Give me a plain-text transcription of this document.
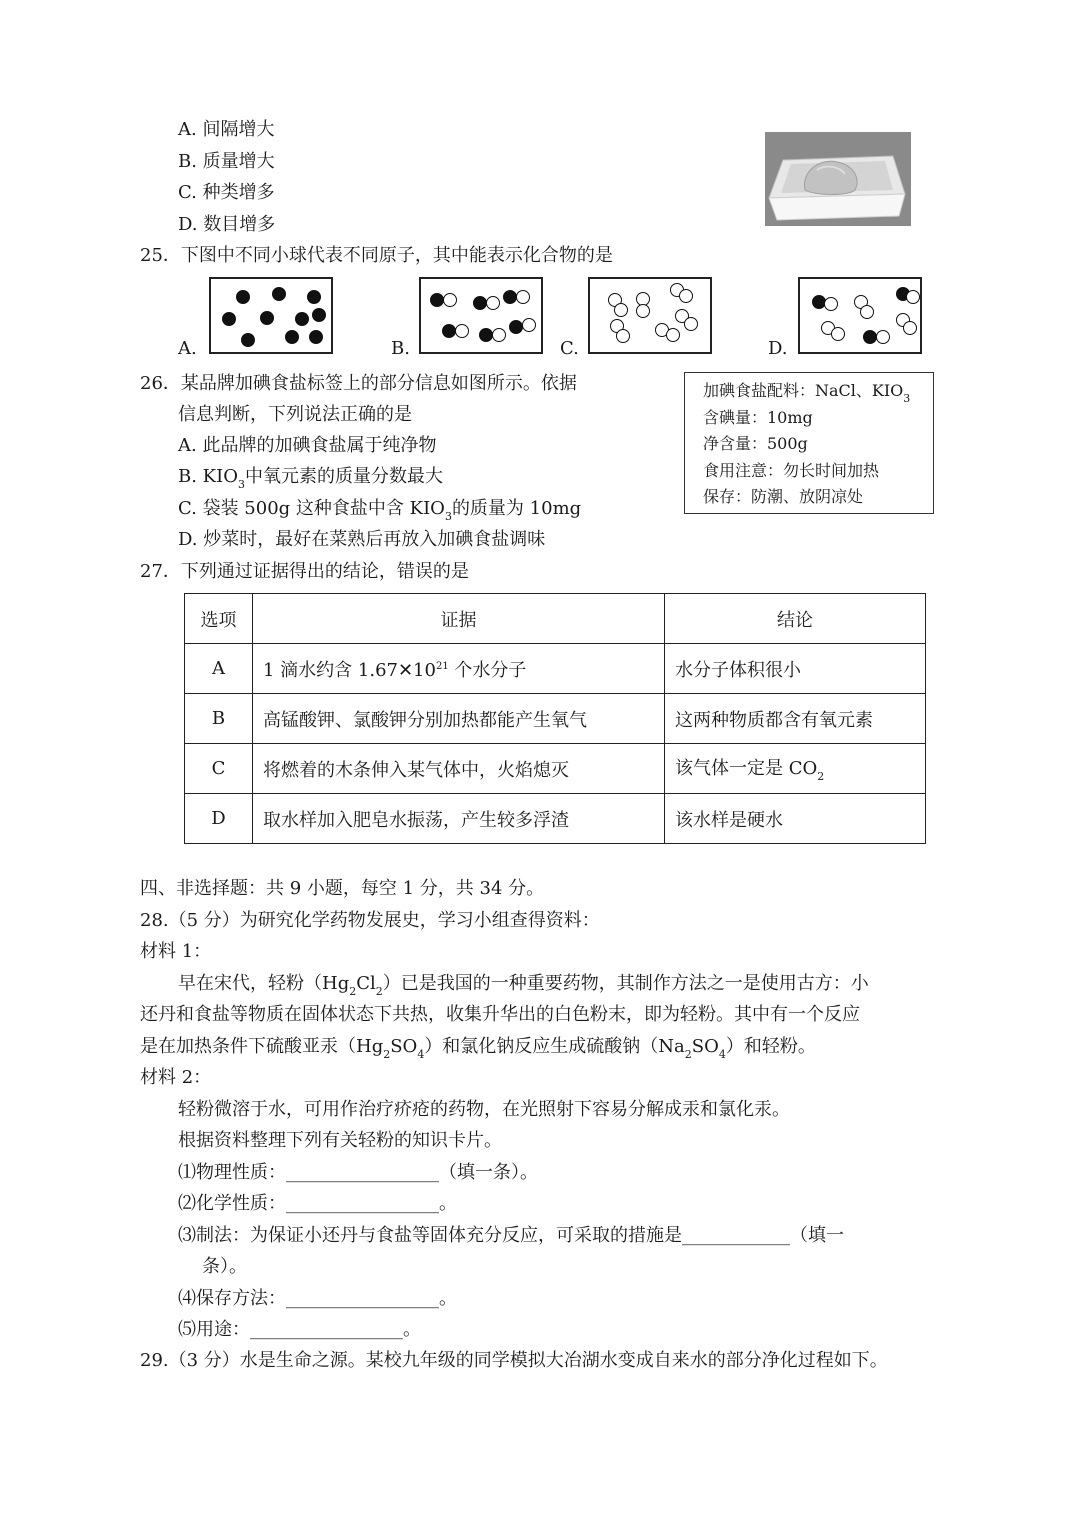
A. 间隔增大
B. 质量增大
C. 种类增多
D. 数目增多
25．下图中不同小球代表不同原子，其中能表示化合物的是
A.	B.	C.	D.
26．某品牌加碘食盐标签上的部分信息如图所示。依据
信息判断，下列说法正确的是
A. 此品牌的加碘食盐属于纯净物
B. $KIO_3$中氧元素的质量分数最大
C. 袋装 500g 这种食盐中含 $KIO_3$的质量为 10mg
D. 炒菜时，最好在菜熟后再放入加碘食盐调味
加碘食盐配料：NaCl、$KIO_3$
含碘量：10mg
净含量：500g
食用注意：勿长时间加热
保存：防潮、放阴凉处
27．下列通过证据得出的结论，错误的是
选项	证据	结论
A	1 滴水约含 $1.67✕10^{21}$ 个水分子	水分子体积很小
B	高锰酸钾、氯酸钾分别加热都能产生氧气	这两种物质都含有氧元素
C	将燃着的木条伸入某气体中，火焰熄灭	该气体一定是 $CO_2$
D	取水样加入肥皂水振荡，产生较多浮渣	该水样是硬水
四、非选择题：共 9 小题，每空 1 分，共 34 分。
28.（5 分）为研究化学药物发展史，学习小组查得资料：
材料 1：
早在宋代，轻粉$(Hg_2Cl_2)$已是我国的一种重要药物，其制作方法之一是使用古方：小
还丹和食盐等物质在固体状态下共热，收集升华出的白色粉末，即为轻粉。其中有一个反应
是在加热条件下硫酸亚汞$(Hg_2SO_4)$和氯化钠反应生成硫酸钠$(Na_2SO_4)$和轻粉。
材料 2：
轻粉微溶于水，可用作治疗疥疮的药物，在光照射下容易分解成汞和氯化汞。
根据资料整理下列有关轻粉的知识卡片。
⑴物理性质：_________________（填一条）。
⑵化学性质：_________________。
⑶制法：为保证小还丹与食盐等固体充分反应，可采取的措施是____________（填一
条）。
⑷保存方法：_________________。
⑸用途：_________________。
29.（3 分）水是生命之源。某校九年级的同学模拟大冶湖水变成自来水的部分净化过程如下。
